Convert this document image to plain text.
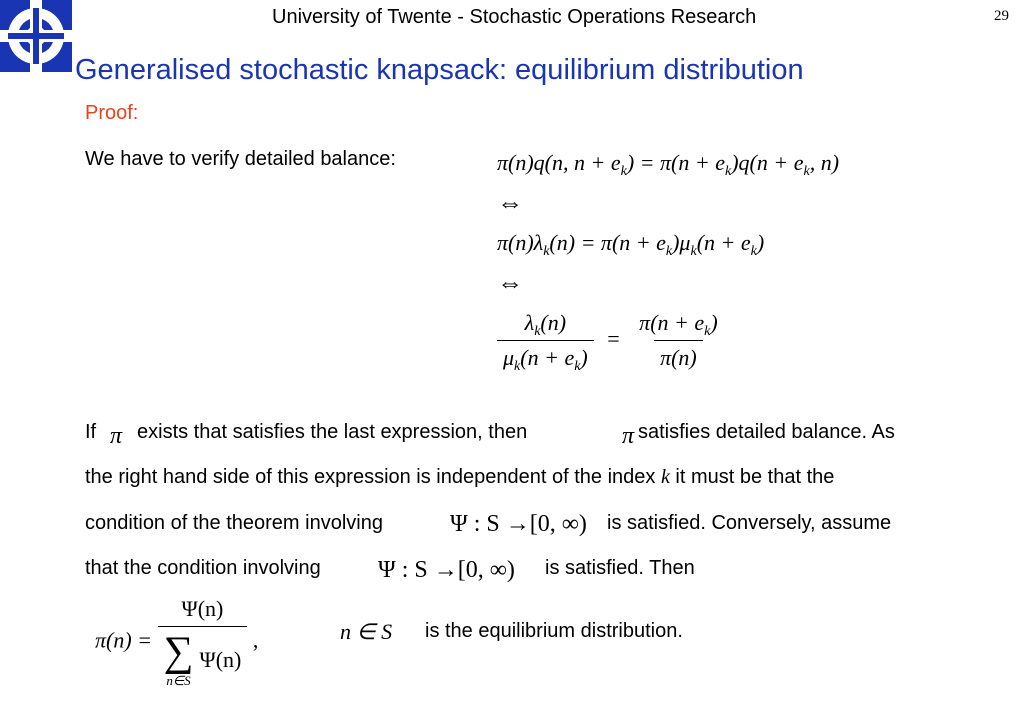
University of Twente - Stochastic Operations Research	29
Generalised stochastic knapsack: equilibrium distribution
Proof:
We have to verify detailed balance:	π(n)q(n, $n + e_k) = \pi(n + e_k)q(n + e_k$, n)
⇔
$\pi(n)\lambda_k(n) = \pi(n + e_k)\mu_k(n + e_k)$
⇔
$\frac{\lambda_k(n)}{\mu_k(n + e_k)} = \frac{\pi(n + e_k)}{\pi(n)}$
If π exists that satisfies the last expression, then	π satisfies detailed balance. As
the right hand side of this expression is independent of the index k it must be that the
condition of the theorem involving	Ψ : S →[0, ∞) is satisfied. Conversely, assume
that the condition involving Ψ : S →[0, ∞) is satisfied. Then
π(n) = Ψ(n)
∑
n∈S
Ψ(n) ,	n ∈ S is the equilibrium distribution.
